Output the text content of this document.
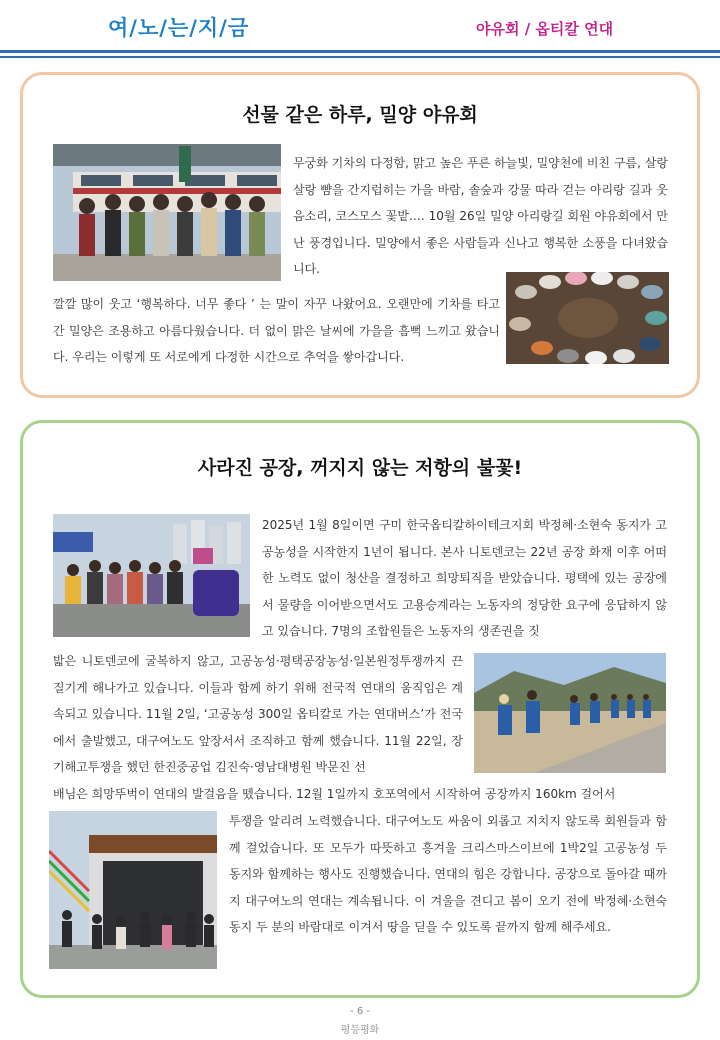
여/노/는/지/금	야유회 / 옵티칼 연대
선물 같은 하루, 밀양 야유회
무궁화 기차의 다정함, 맑고 높은 푸른 하늘빛, 밀양천에 비친 구름, 살랑살랑 뺨을 간지럽히는 가을 바람, 솔숲과 강물 따라 걷는 아리랑 길과 웃음소리, 코스모스 꽃밭…. 10월 26일 밀양 아리랑길 회원 야유회에서 만난 풍경입니다. 밀양에서 좋은 사람들과 신나고 행복한 소풍을 다녀왔습니다.
깔깔 많이 웃고 ‘행복하다. 너무 좋다 ’ 는 말이 자꾸 나왔어요. 오랜만에 기차를 타고 간 밀양은 조용하고 아름다웠습니다. 더 없이 맑은 날씨에 가을을 흠뻑 느끼고 왔습니다. 우리는 이렇게 또 서로에게 다정한 시간으로 추억을 쌓아갑니다.
사라진 공장, 꺼지지 않는 저항의 불꽃!
2025년 1월 8일이면 구미 한국옵티칼하이테크지회 박정혜·소현숙 동지가 고공농성을 시작한지 1년이 됩니다. 본사 니토덴코는 22년 공장 화재 이후 어떠한 노력도 없이 청산을 결정하고 희망퇴직을 받았습니다. 평택에 있는 공장에서 물량을 이어받으면서도 고용승계라는 노동자의 정당한 요구에 응답하지 않고 있습니다. 7명의 조합원들은 노동자의 생존권을 짓
밟은 니토덴코에 굴복하지 않고, 고공농성·평택공장농성·일본원정투쟁까지 끈질기게 해나가고 있습니다. 이들과 함께 하기 위해 전국적 연대의 움직임은 계속되고 있습니다. 11월 2일, ‘고공농성 300일 옵티칼로 가는 연대버스’가 전국에서 출발했고, 대구여노도 앞장서서 조직하고 함께 했습니다. 11월 22일, 장기해고투쟁을 했던 한진중공업 김진숙·영남대병원 박문진 선
배님은 희망뚜벅이 연대의 발걸음을 뗐습니다. 12월 1일까지 호포역에서 시작하여 공장까지 160km 걸어서
투쟁을 알리려 노력했습니다. 대구여노도 싸움이 외롭고 지치지 않도록 회원들과 함께 걸었습니다. 또 모두가 따뜻하고 흥겨울 크리스마스이브에 1박2일 고공농성 두 동지와 함께하는 행사도 진행했습니다. 연대의 힘은 강합니다. 공장으로 돌아갈 때까지 대구여노의 연대는 계속됩니다. 이 겨울을 견디고 봄이 오기 전에 박정혜·소현숙 동지 두 분의 바람대로 이겨서 땅을 딛을 수 있도록 끝까지 함께 해주세요.
- 6 -
평등평화
